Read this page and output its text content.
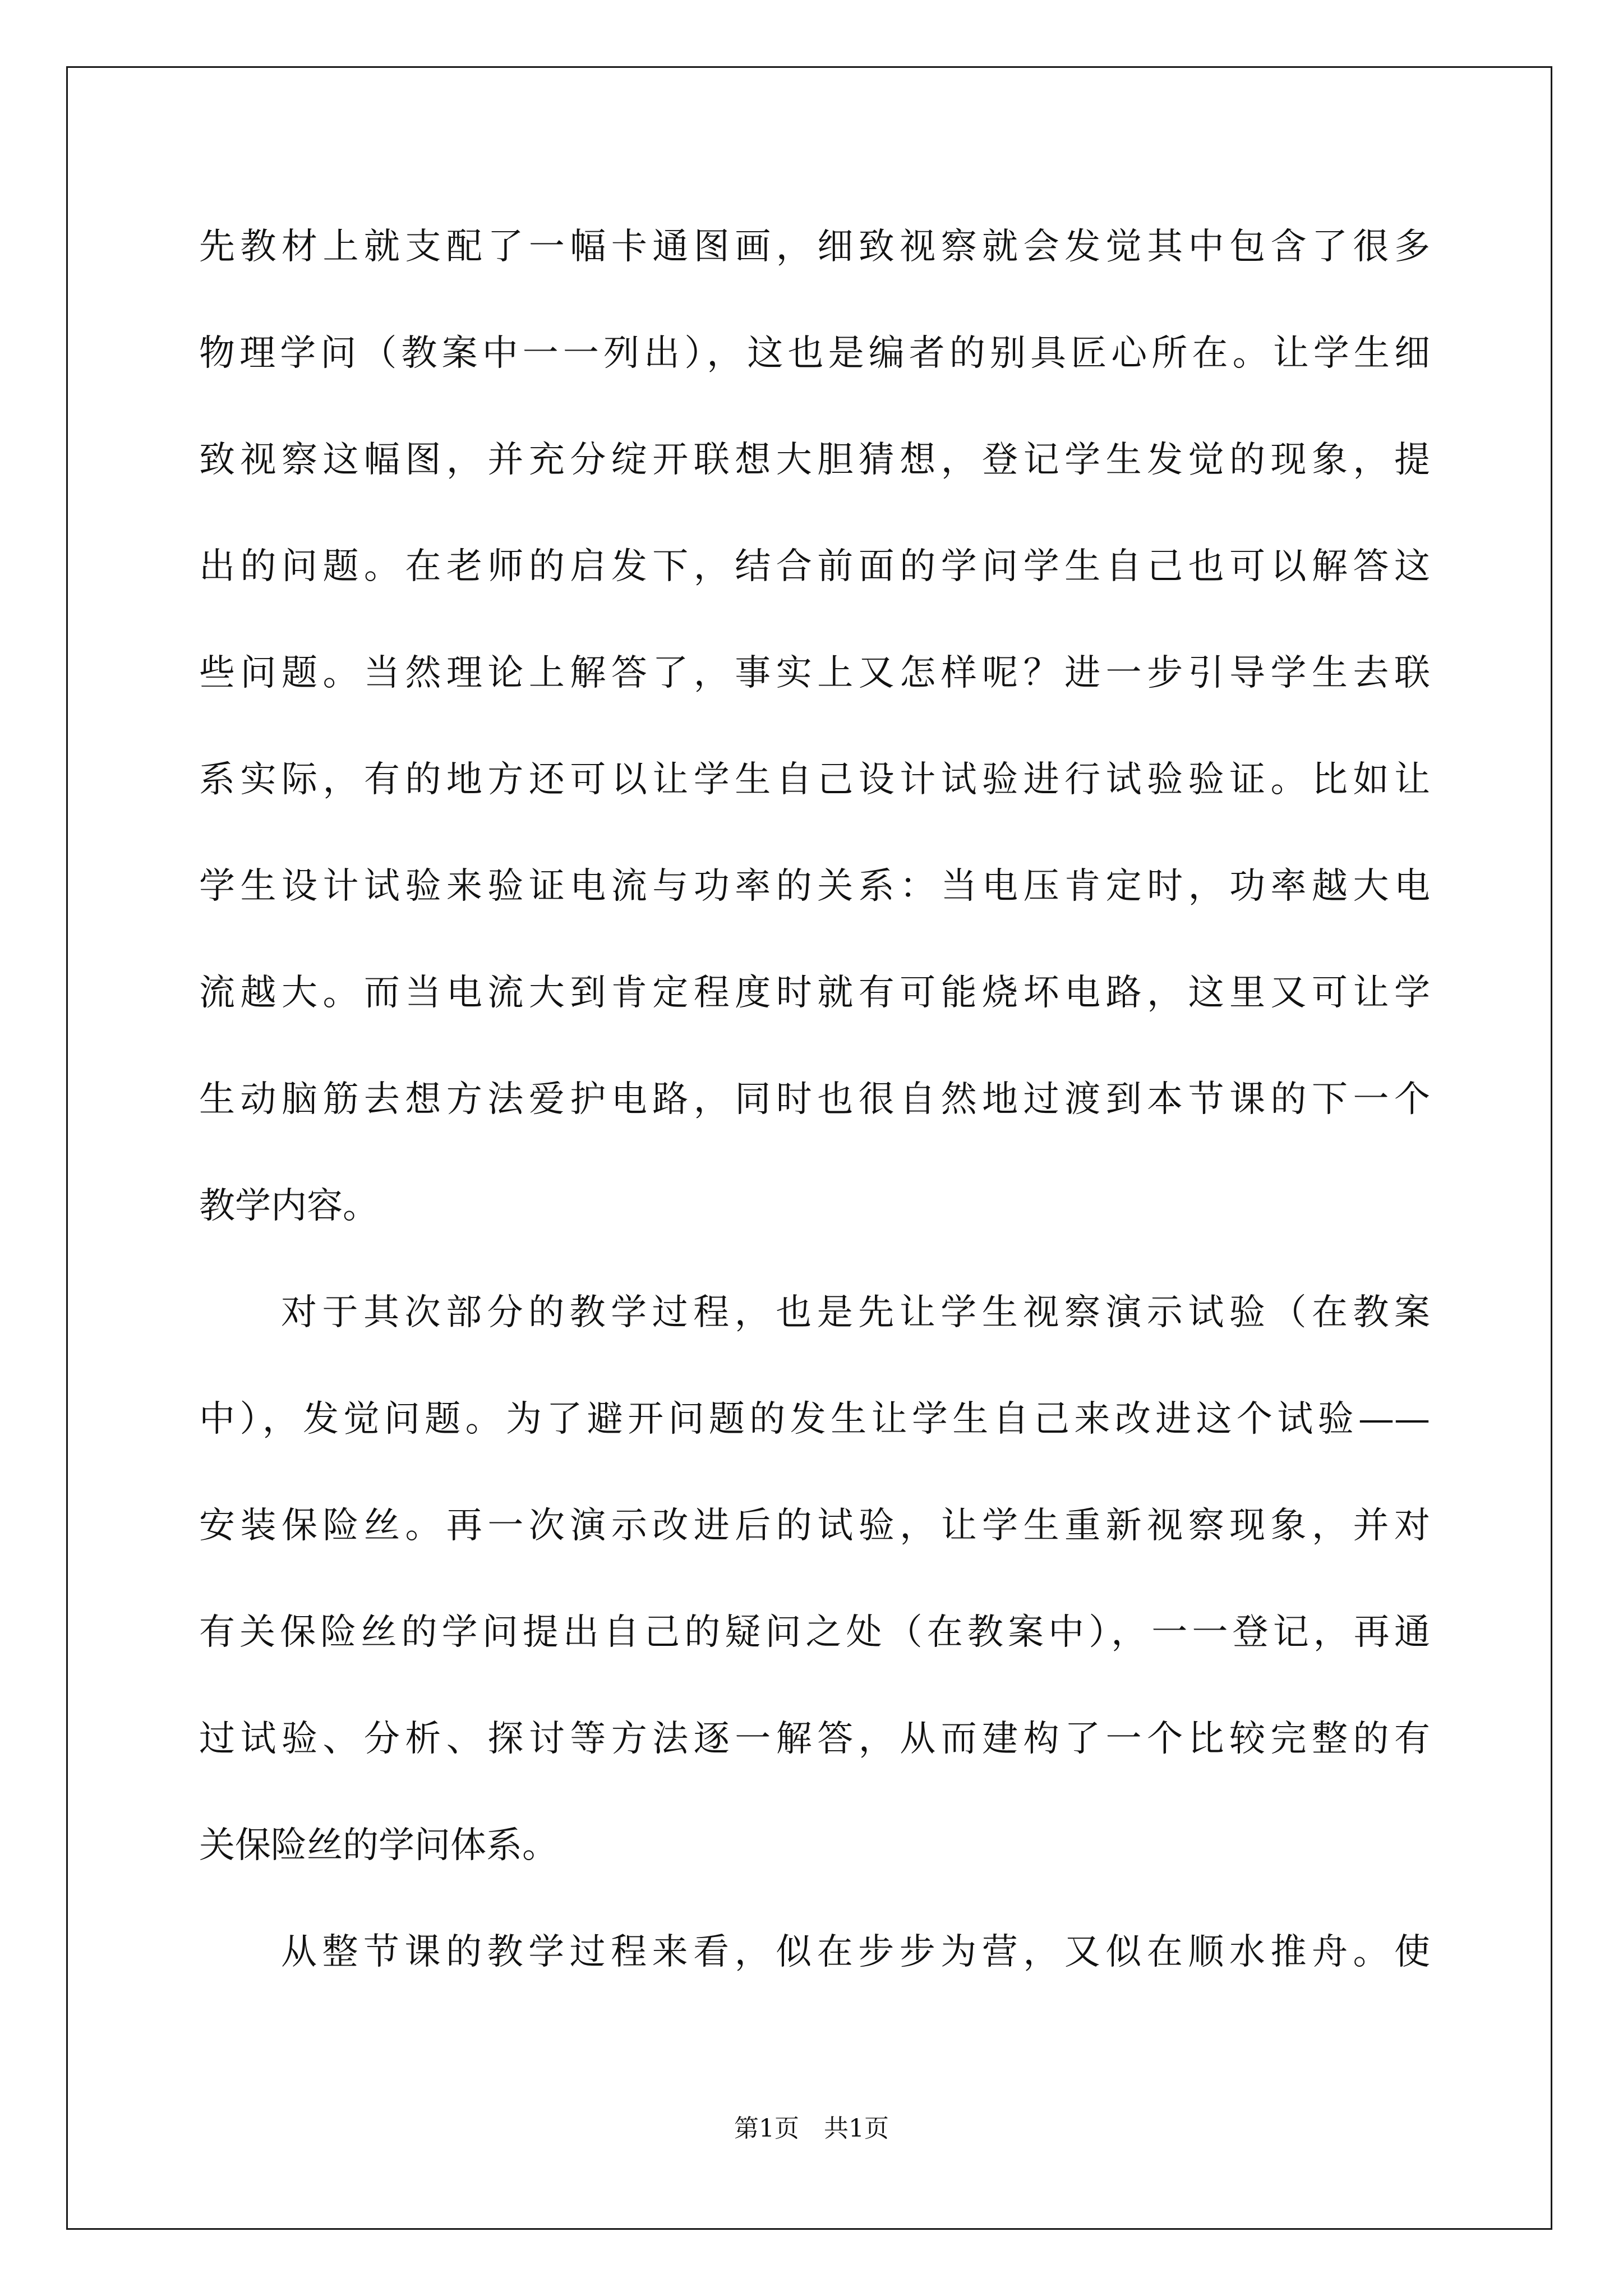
先教材上就支配了一幅卡通图画，细致视察就会发觉其中包含了很多
物理学问（教案中一一列出），这也是编者的别具匠心所在。让学生细
致视察这幅图，并充分绽开联想大胆猜想，登记学生发觉的现象，提
出的问题。在老师的启发下，结合前面的学问学生自己也可以解答这
些问题。当然理论上解答了，事实上又怎样呢？进一步引导学生去联
系实际，有的地方还可以让学生自己设计试验进行试验验证。比如让
学生设计试验来验证电流与功率的关系：当电压肯定时，功率越大电
流越大。而当电流大到肯定程度时就有可能烧坏电路，这里又可让学
生动脑筋去想方法爱护电路，同时也很自然地过渡到本节课的下一个
教学内容。
对于其次部分的教学过程，也是先让学生视察演示试验（在教案
中），发觉问题。为了避开问题的发生让学生自己来改进这个试验——
安装保险丝。再一次演示改进后的试验，让学生重新视察现象，并对
有关保险丝的学问提出自己的疑问之处（在教案中），一一登记，再通
过试验、分析、探讨等方法逐一解答，从而建构了一个比较完整的有
关保险丝的学问体系。
从整节课的教学过程来看，似在步步为营，又似在顺水推舟。使
第1页　共1页
